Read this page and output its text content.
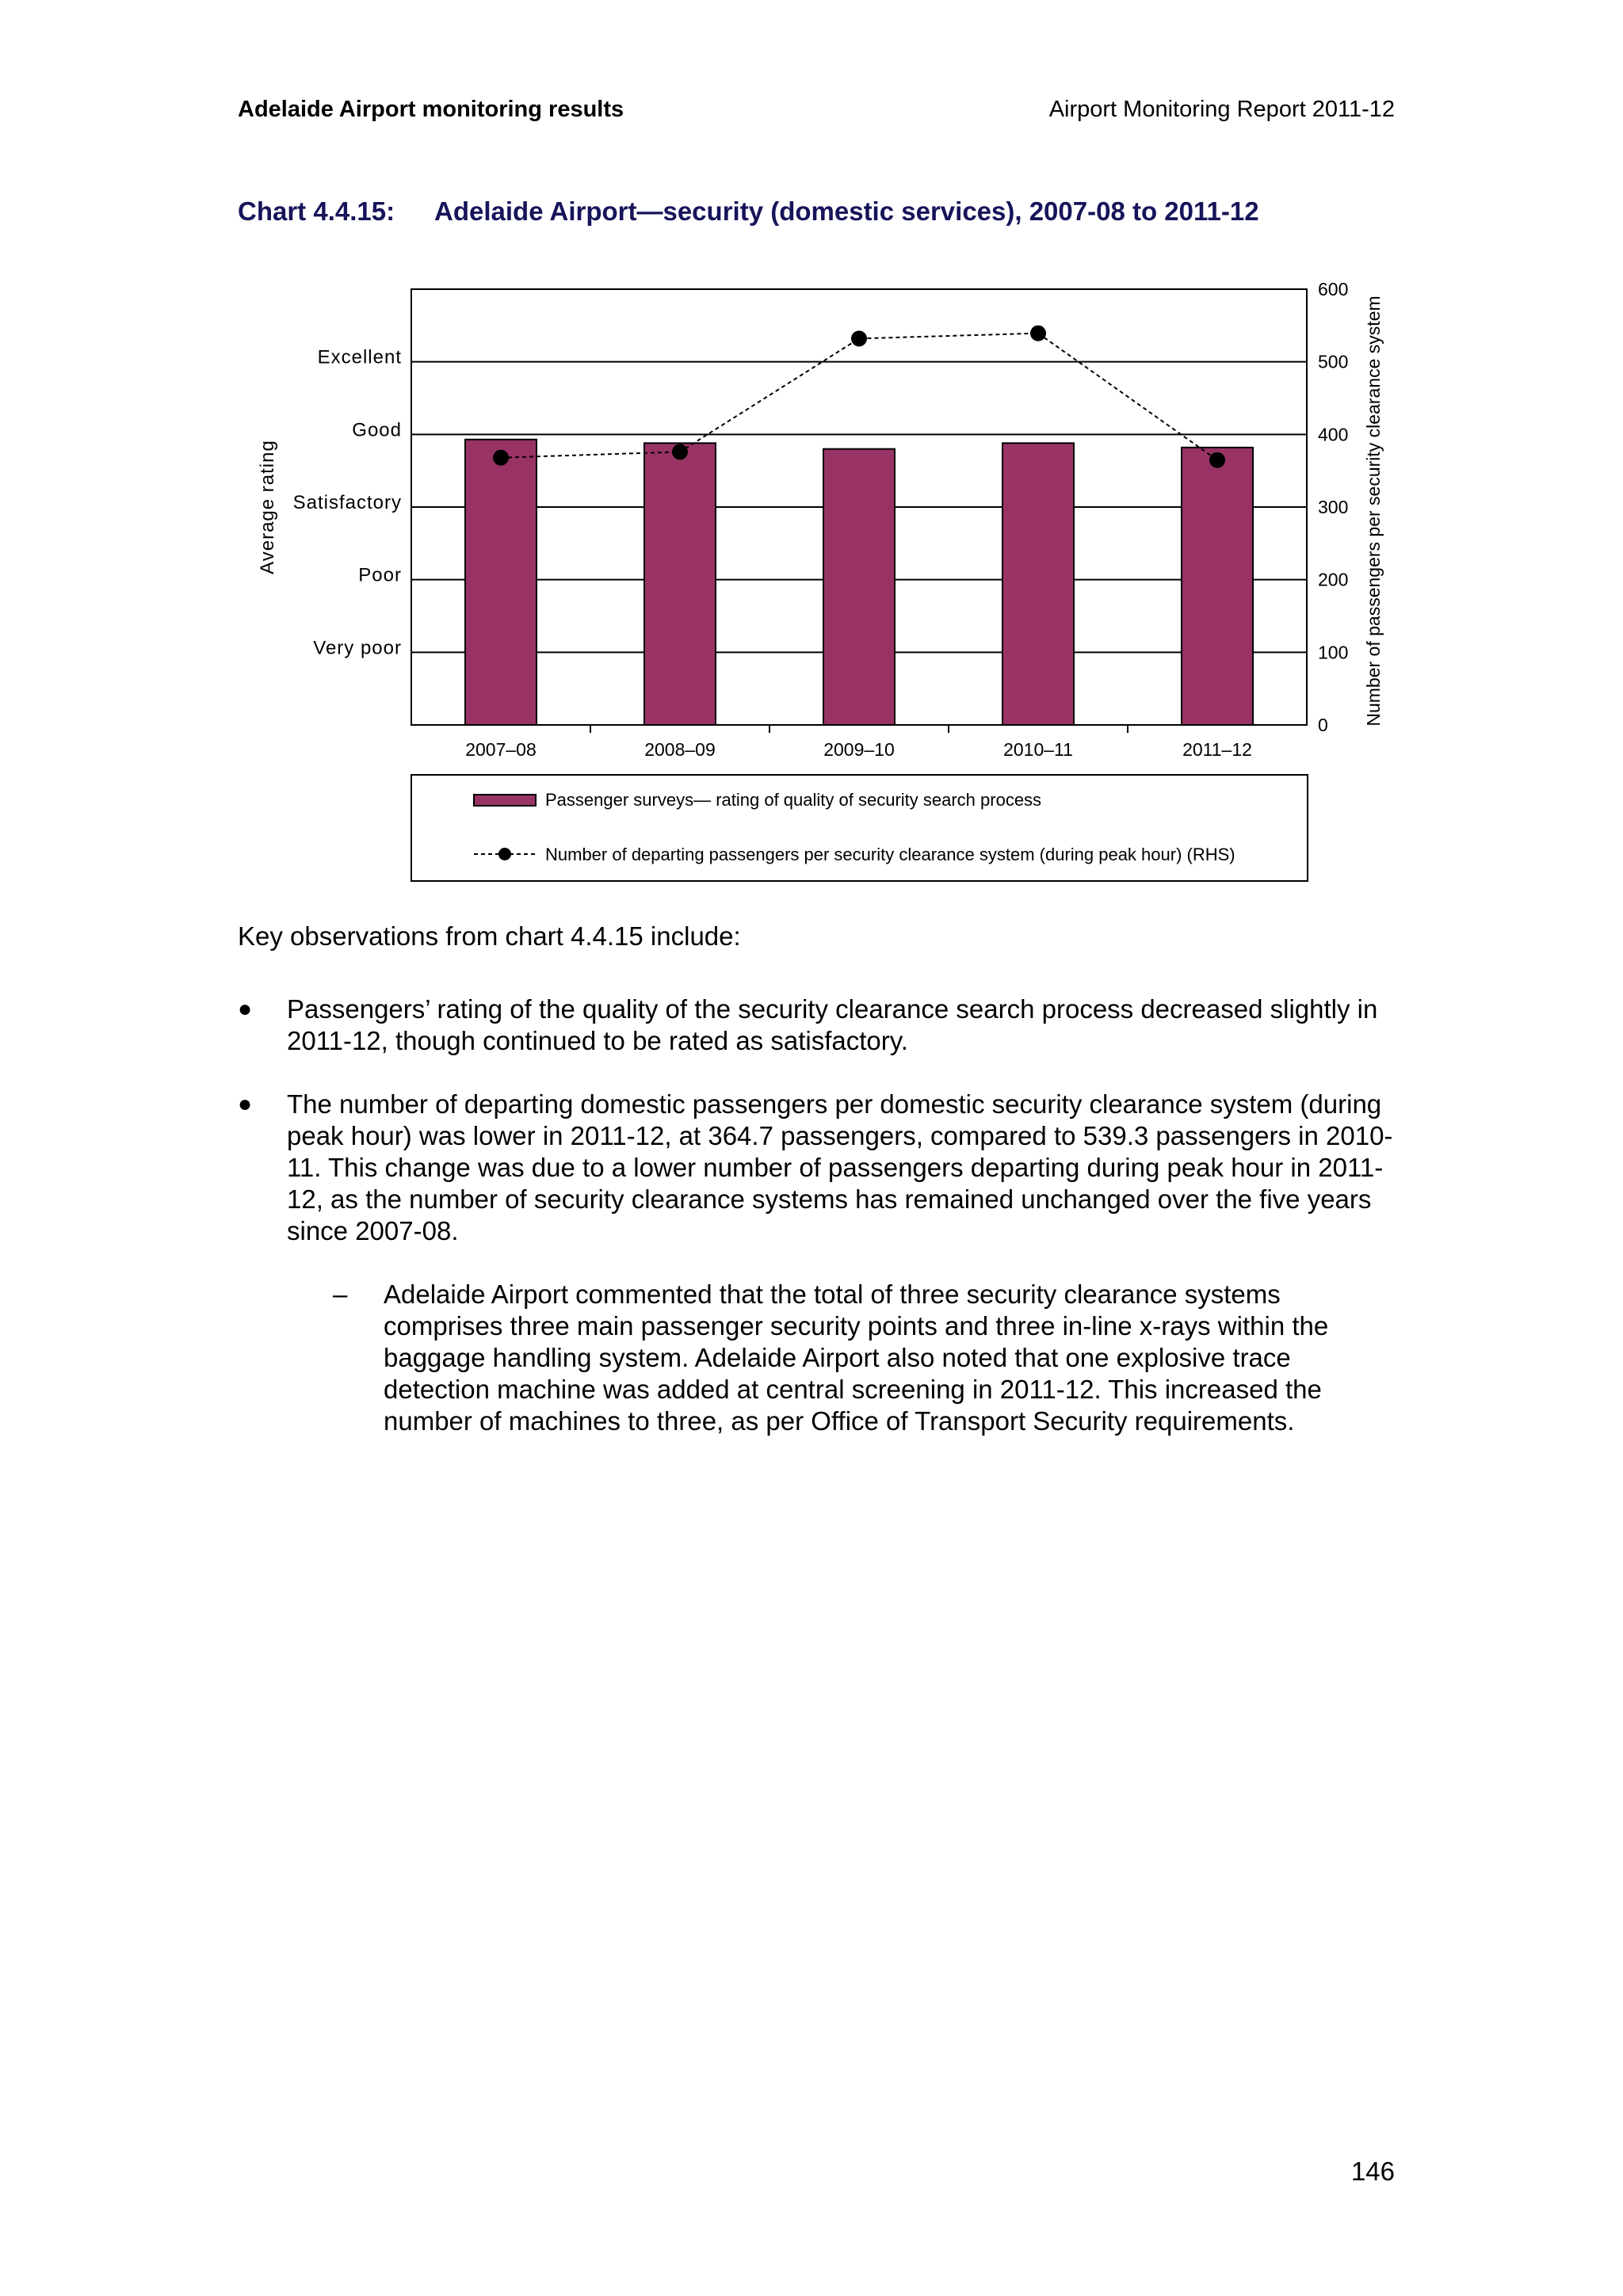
Adelaide Airport monitoring results	Airport Monitoring Report 2011-12
Chart 4.4.15: Adelaide Airport—security (domestic services), 2007-08 to 2011-12
2007–08	2008–09	2009–10	2010–11	2011–12
Very poor
Poor
Satisfactory
Good
Excellent
0
100
200
300
400
500
600
Average rating	Number of passengers per security clearance system
Passenger surveys— rating of quality of security search process
Number of departing passengers per security clearance system (during peak hour) (RHS)
Key observations from chart 4.4.15 include:
●	Passengers’ rating of the quality of the security clearance search process decreased slightly in 2011-12, though continued to be rated as satisfactory.
●	The number of departing domestic passengers per domestic security clearance system (during peak hour) was lower in 2011-12, at 364.7 passengers, compared to 539.3 passengers in 2010-11. This change was due to a lower number of passengers departing during peak hour in 2011-12, as the number of security clearance systems has remained unchanged over the five years since 2007-08.
– Adelaide Airport commented that the total of three security clearance systems comprises three main passenger security points and three in-line x-rays within the baggage handling system. Adelaide Airport also noted that one explosive trace detection machine was added at central screening in 2011-12. This increased the number of machines to three, as per Office of Transport Security requirements.
146
